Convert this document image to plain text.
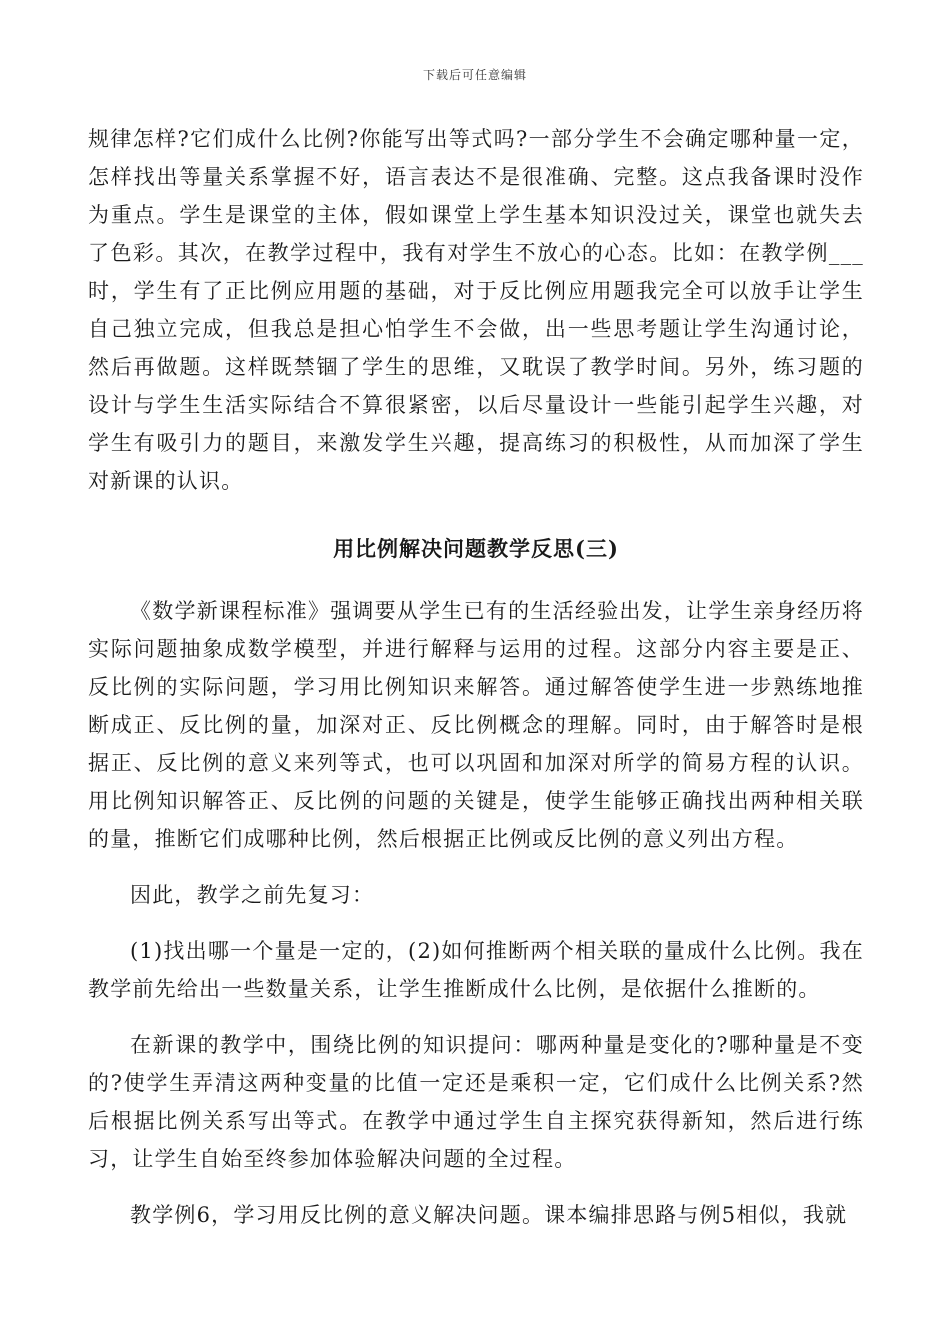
下载后可任意编辑

规律怎样?它们成什么比例?你能写出等式吗?一部分学生不会确定哪种量一定，怎样找出等量关系掌握不好，语言表达不是很准确、完整。这点我备课时没作为重点。学生是课堂的主体，假如课堂上学生基本知识没过关，课堂也就失去了色彩。其次，在教学过程中，我有对学生不放心的心态。比如：在教学例___时，学生有了正比例应用题的基础，对于反比例应用题我完全可以放手让学生自己独立完成，但我总是担心怕学生不会做，出一些思考题让学生沟通讨论，然后再做题。这样既禁锢了学生的思维，又耽误了教学时间。另外，练习题的设计与学生生活实际结合不算很紧密，以后尽量设计一些能引起学生兴趣，对学生有吸引力的题目，来激发学生兴趣，提高练习的积极性，从而加深了学生对新课的认识。

用比例解决问题教学反思(三)

《数学新课程标准》强调要从学生已有的生活经验出发，让学生亲身经历将实际问题抽象成数学模型，并进行解释与运用的过程。这部分内容主要是正、反比例的实际问题，学习用比例知识来解答。通过解答使学生进一步熟练地推断成正、反比例的量，加深对正、反比例概念的理解。同时，由于解答时是根据正、反比例的意义来列等式，也可以巩固和加深对所学的简易方程的认识。用比例知识解答正、反比例的问题的关键是，使学生能够正确找出两种相关联的量，推断它们成哪种比例，然后根据正比例或反比例的意义列出方程。

因此，教学之前先复习：

(1)找出哪一个量是一定的，(2)如何推断两个相关联的量成什么比例。我在教学前先给出一些数量关系，让学生推断成什么比例，是依据什么推断的。

在新课的教学中，围绕比例的知识提问：哪两种量是变化的?哪种量是不变的?使学生弄清这两种变量的比值一定还是乘积一定，它们成什么比例关系?然后根据比例关系写出等式。在教学中通过学生自主探究获得新知，然后进行练习，让学生自始至终参加体验解决问题的全过程。

教学例6，学习用反比例的意义解决问题。课本编排思路与例5相似，我就
